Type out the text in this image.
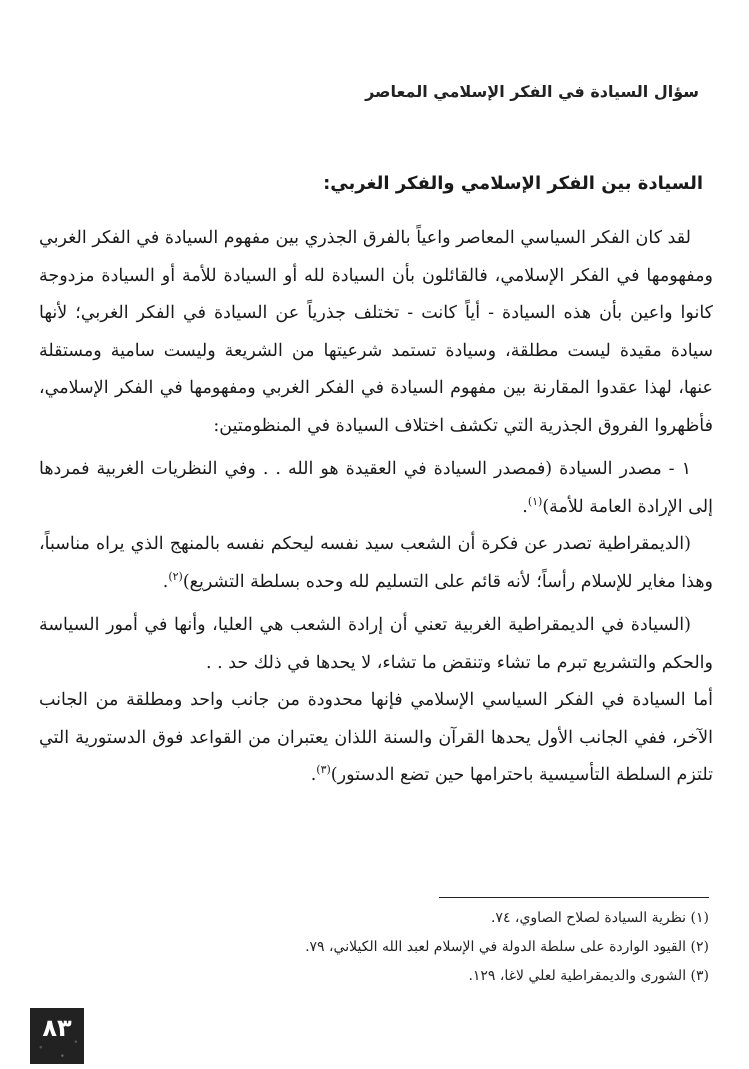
سؤال السيادة في الفكر الإسلامي المعاصر
السيادة بين الفكر الإسلامي والفكر الغربي:

لقد كان الفكر السياسي المعاصر واعياً بالفرق الجذري بين مفهوم السيادة في الفكر الغربي ومفهومها في الفكر الإسلامي، فالقائلون بأن السيادة لله أو السيادة للأمة أو السيادة مزدوجة كانوا واعين بأن هذه السيادة - أياً كانت - تختلف جذرياً عن السيادة في الفكر الغربي؛ لأنها سيادة مقيدة ليست مطلقة، وسيادة تستمد شرعيتها من الشريعة وليست سامية ومستقلة عنها، لهذا عقدوا المقارنة بين مفهوم السيادة في الفكر الغربي ومفهومها في الفكر الإسلامي، فأظهروا الفروق الجذرية التي تكشف اختلاف السيادة في المنظومتين:

١ - مصدر السيادة (فمصدر السيادة في العقيدة هو الله . . وفي النظريات الغربية فمردها إلى الإرادة العامة للأمة)$^{(١)}$.

(الديمقراطية تصدر عن فكرة أن الشعب سيد نفسه ليحكم نفسه بالمنهج الذي يراه مناسباً، وهذا مغاير للإسلام رأساً؛ لأنه قائم على التسليم لله وحده بسلطة التشريع)$^{(٢)}$.

(السيادة في الديمقراطية الغربية تعني أن إرادة الشعب هي العليا، وأنها في أمور السياسة والحكم والتشريع تبرم ما تشاء وتنقض ما تشاء، لا يحدها في ذلك حد . .

أما السيادة في الفكر السياسي الإسلامي فإنها محدودة من جانب واحد ومطلقة من الجانب الآخر، ففي الجانب الأول يحدها القرآن والسنة اللذان يعتبران من القواعد فوق الدستورية التي تلتزم السلطة التأسيسية باحترامها حين تضع الدستور)$^{(٣)}$.

(١) نظرية السيادة لصلاح الصاوي، ٧٤.
(٢) القيود الواردة على سلطة الدولة في الإسلام لعبد الله الكيلاني، ٧٩.
(٣) الشورى والديمقراطية لعلي لاغا، ١٢٩.
٨٣
